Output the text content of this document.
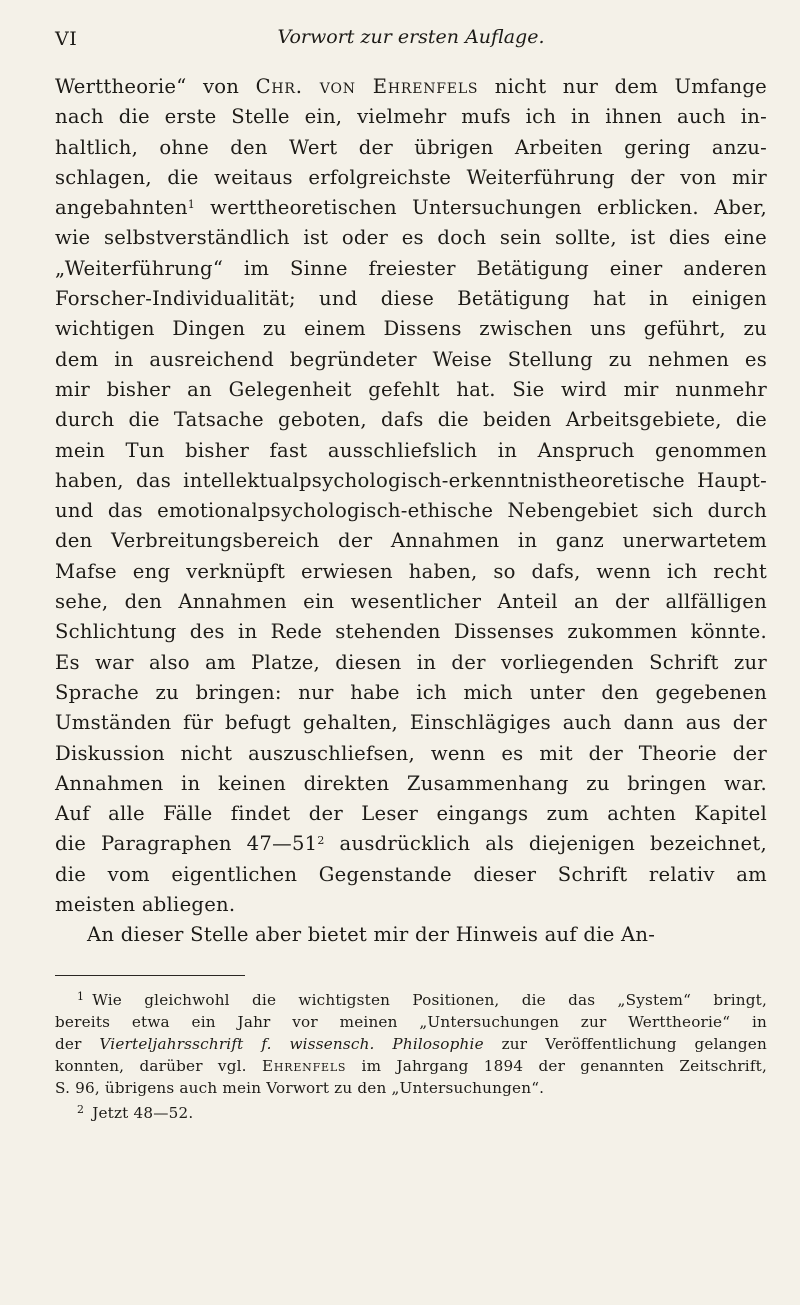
VI	Vorwort zur ersten Auflage.
Werttheorie“ von Chr. von Ehrenfels nicht nur dem Umfange
nach die erste Stelle ein, vielmehr mufs ich in ihnen auch in-
haltlich, ohne den Wert der übrigen Arbeiten gering anzu-
schlagen, die weitaus erfolgreichste Weiterführung der von mir
angebahnten$^1$ werttheoretischen Untersuchungen erblicken. Aber,
wie selbstverständlich ist oder es doch sein sollte, ist dies eine
„Weiterführung“ im Sinne freiester Betätigung einer anderen
Forscher-Individualität; und diese Betätigung hat in einigen
wichtigen Dingen zu einem Dissens zwischen uns geführt, zu
dem in ausreichend begründeter Weise Stellung zu nehmen es
mir bisher an Gelegenheit gefehlt hat. Sie wird mir nunmehr
durch die Tatsache geboten, dafs die beiden Arbeitsgebiete, die
mein Tun bisher fast ausschliefslich in Anspruch genommen
haben, das intellektualpsychologisch-erkenntnistheoretische Haupt-
und das emotionalpsychologisch-ethische Nebengebiet sich durch
den Verbreitungsbereich der Annahmen in ganz unerwartetem
Mafse eng verknüpft erwiesen haben, so dafs, wenn ich recht
sehe, den Annahmen ein wesentlicher Anteil an der allfälligen
Schlichtung des in Rede stehenden Dissenses zukommen könnte.
Es war also am Platze, diesen in der vorliegenden Schrift zur
Sprache zu bringen: nur habe ich mich unter den gegebenen
Umständen für befugt gehalten, Einschlägiges auch dann aus der
Diskussion nicht auszuschliefsen, wenn es mit der Theorie der
Annahmen in keinen direkten Zusammenhang zu bringen war.
Auf alle Fälle findet der Leser eingangs zum achten Kapitel
die Paragraphen $47—51^2$ ausdrücklich als diejenigen bezeichnet,
die vom eigentlichen Gegenstande dieser Schrift relativ am
meisten abliegen.
An dieser Stelle aber bietet mir der Hinweis auf die An-
$^1$ Wie gleichwohl die wichtigsten Positionen, die das „System“ bringt,
bereits etwa ein Jahr vor meinen „Untersuchungen zur Werttheorie“ in
der Vierteljahrsschrift f. wissensch. Philosophie zur Veröffentlichung gelangen
konnten, darüber vgl. Ehrenfels im Jahrgang 1894 der genannten Zeitschrift,
S. 96, übrigens auch mein Vorwort zu den „Untersuchungen“.
$^2$ Jetzt 48—52.
